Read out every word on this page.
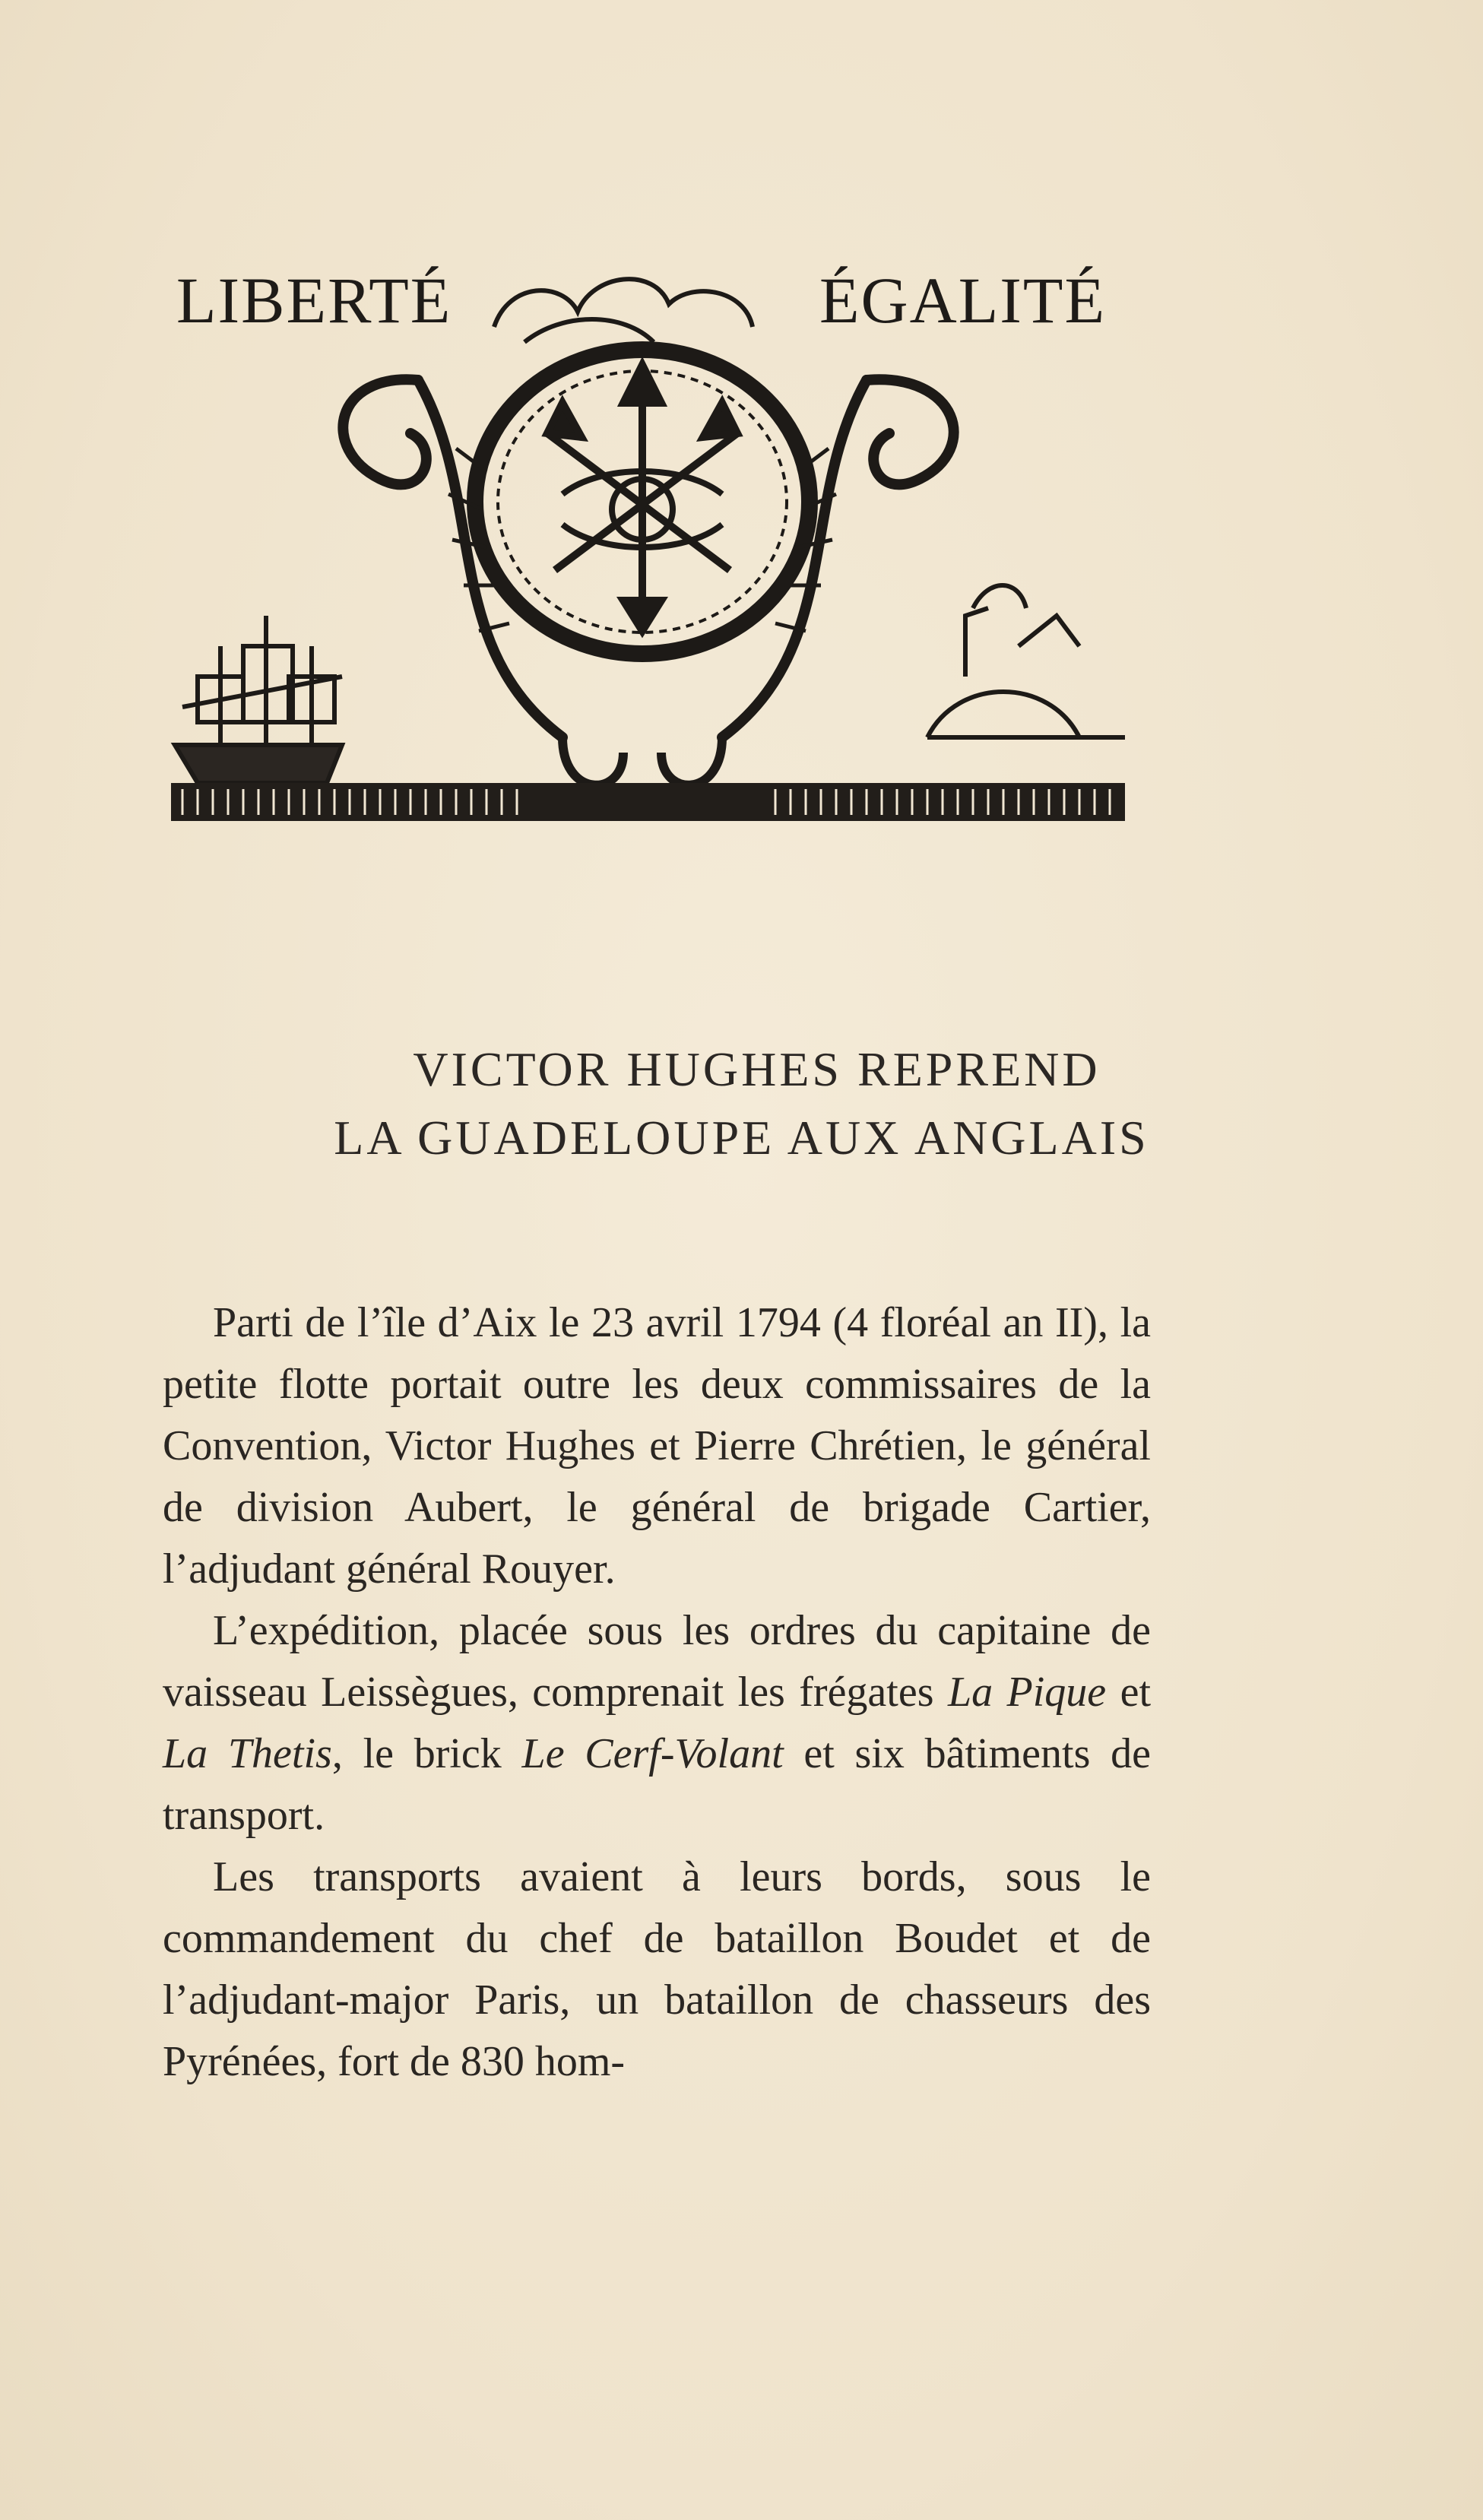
LIBERTÉ	ÉGALITÉ
VICTOR HUGHES REPREND
LA GUADELOUPE AUX ANGLAIS

Parti de l’île d’Aix le 23 avril 1794 (4 floréal an II), la petite flotte portait outre les deux commissaires de la Convention, Victor Hughes et Pierre Chrétien, le général de division Aubert, le général de brigade Cartier, l’adjudant général Rouyer.

L’expédition, placée sous les ordres du capitaine de vaisseau Leissègues, comprenait les frégates La Pique et La Thetis, le brick Le Cerf-Volant et six bâtiments de transport.

Les transports avaient à leurs bords, sous le commandement du chef de bataillon Boudet et de l’adjudant-major Paris, un bataillon de chasseurs des Pyrénées, fort de 830 hom-
